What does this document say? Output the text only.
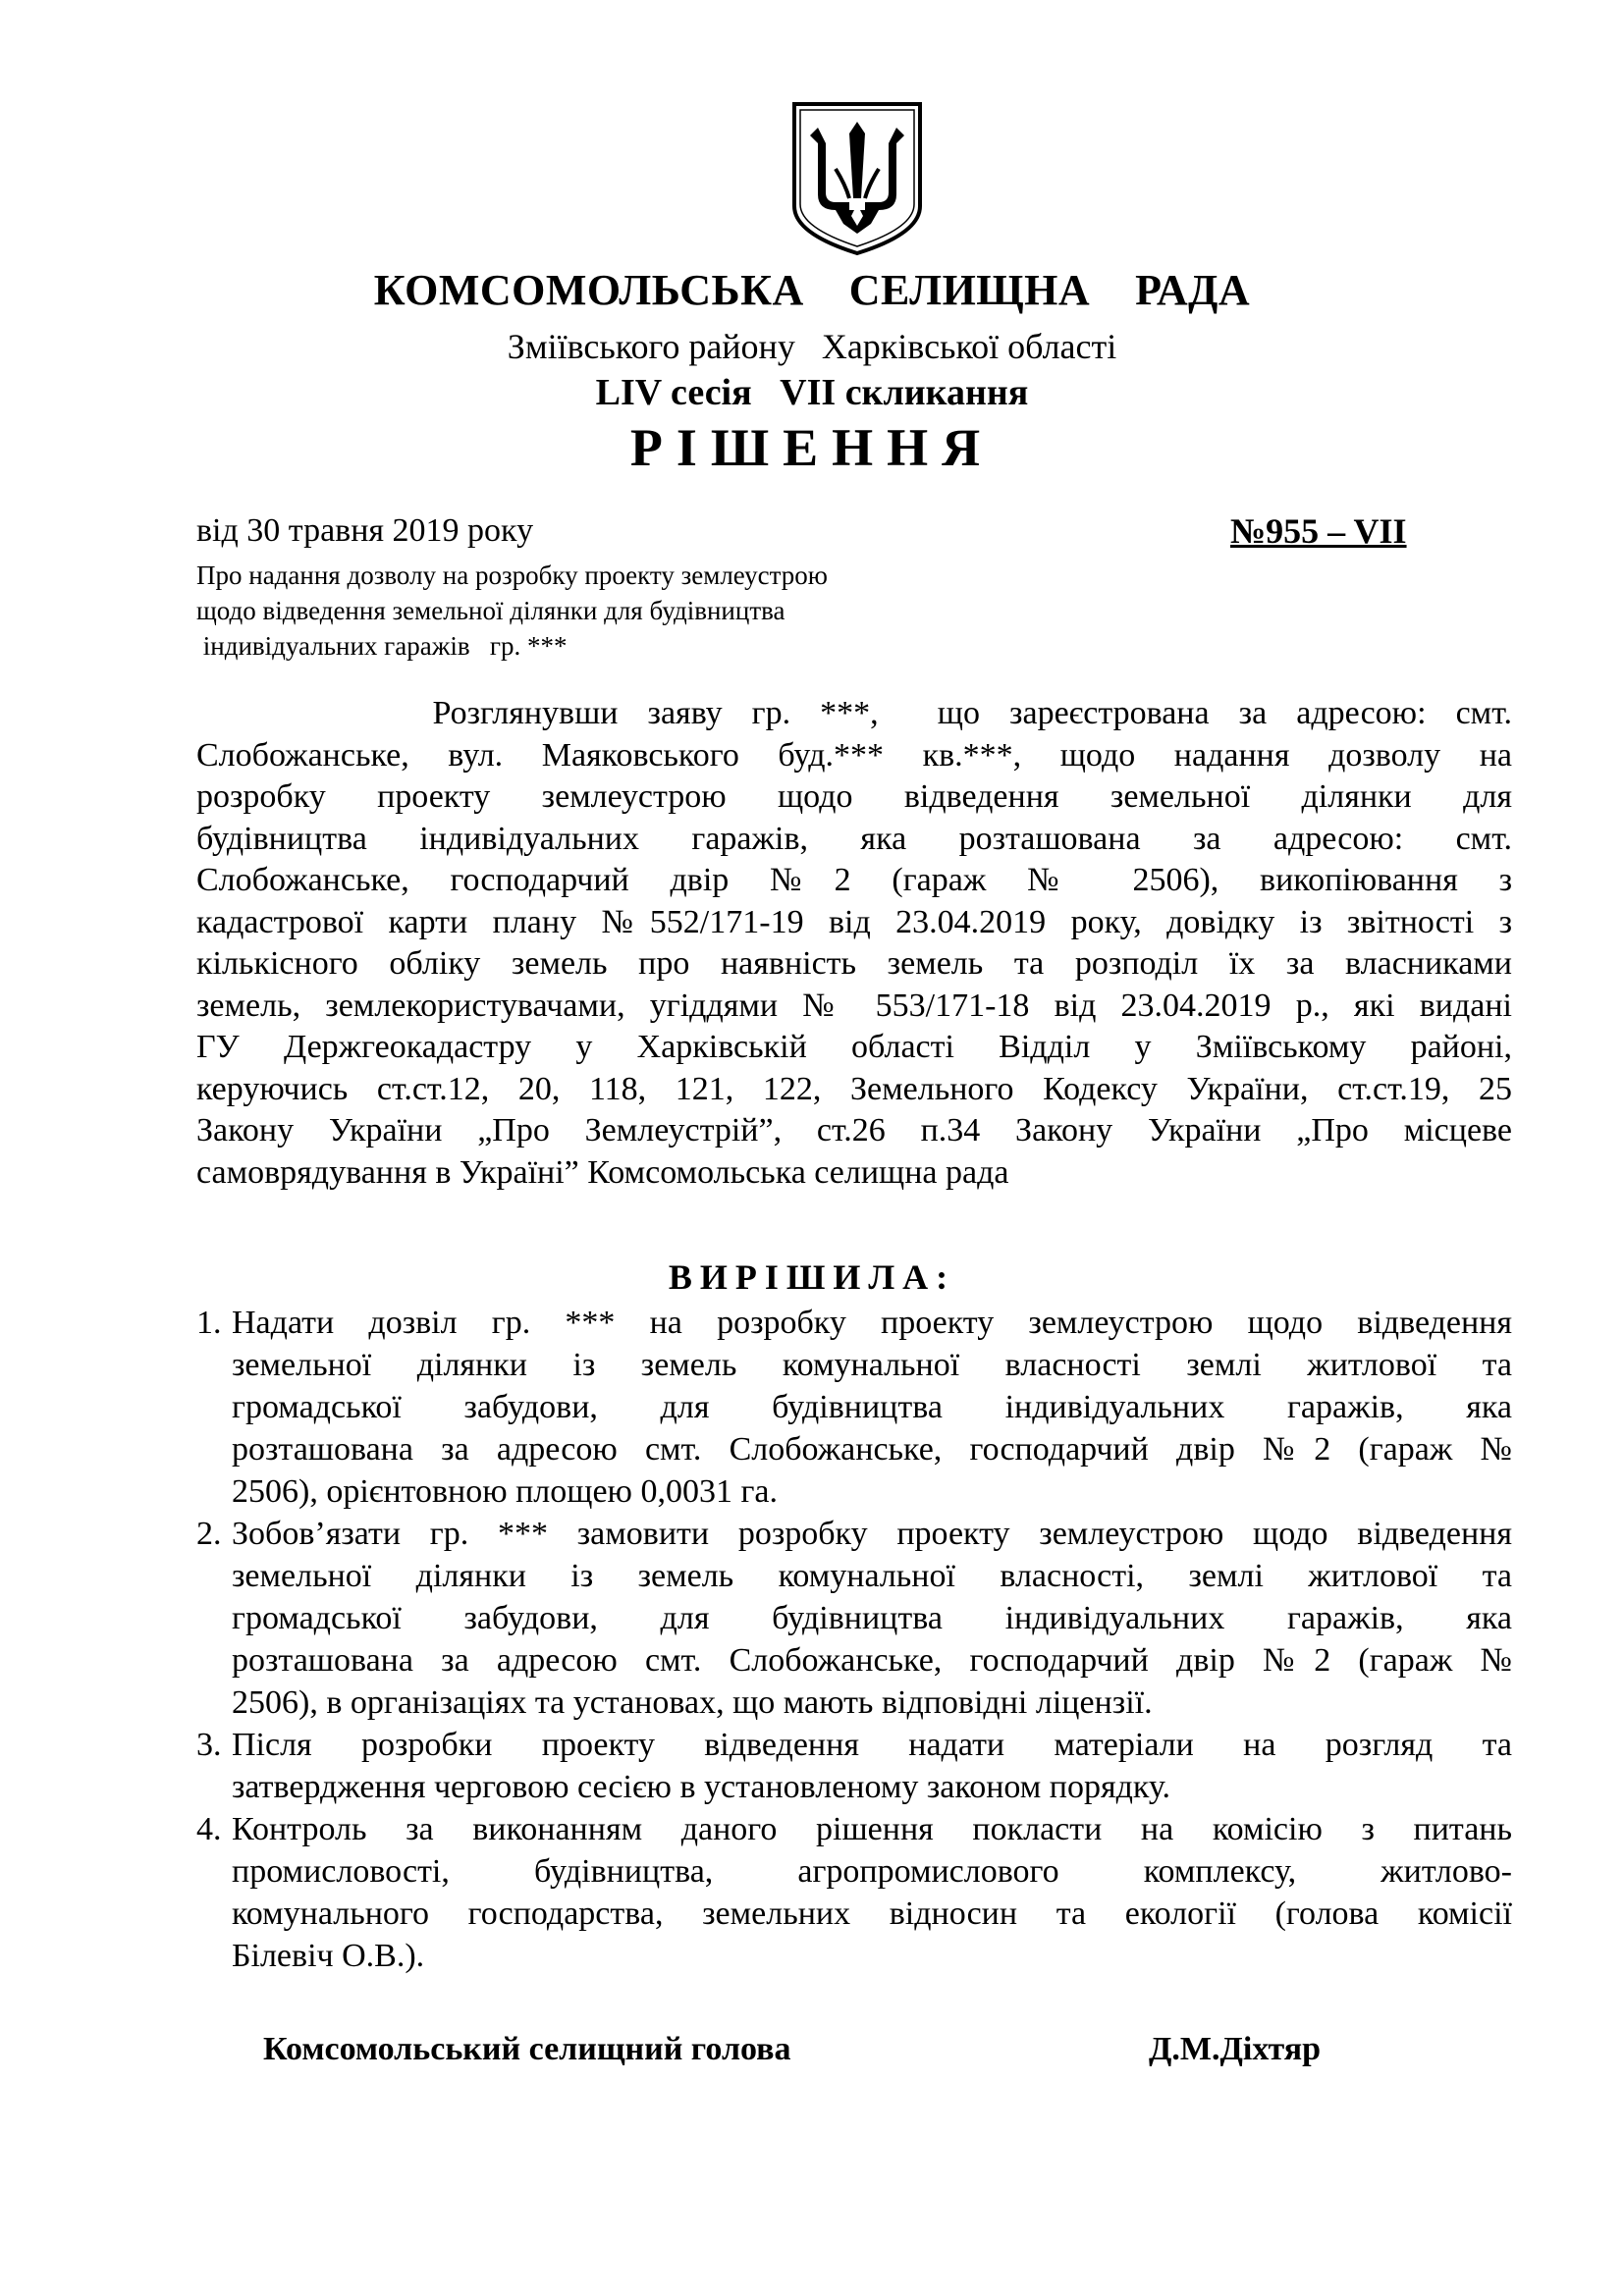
КОМСОМОЛЬСЬКА    СЕЛИЩНА    РАДА
Зміївського району   Харківської області
LIV сесія   VII скликання
РІШЕННЯ
від 30 травня 2019 року	№955 – VII
Про надання дозволу на розробку проекту землеустрою
щодо відведення земельної ділянки для будівництва
індивідуальних гаражів   гр. ***
Розглянувши заяву гр. ***,  що зареєстрована за адресою: смт.
Слобожанське, вул. Маяковського буд.*** кв.***, щодо надання дозволу на
розробку проекту землеустрою щодо відведення земельної ділянки для
будівництва індивідуальних гаражів, яка розташована за адресою: смт.
Слобожанське, господарчий двір №2 (гараж № 2506), викопіювання з
кадастрової карти плану №552/171-19 від 23.04.2019 року, довідку із звітності з
кількісного обліку земель про наявність земель та розподіл їх за власниками
земель, землекористувачами, угіддями № 553/171-18 від 23.04.2019 р., які видані
ГУ Держгеокадастру у Харківській області Відділ у Зміївському районі,
керуючись ст.ст.12, 20, 118, 121, 122, Земельного Кодексу України, ст.ст.19, 25
Закону України „Про Землеустрій”, ст.26 п.34 Закону України „Про місцеве
самоврядування в Україні” Комсомольська селищна рада
ВИРІШИЛА:
1. Надати дозвіл гр. *** на розробку проекту землеустрою щодо відведення
земельної ділянки із земель комунальної власності землі житлової та
громадської забудови, для будівництва індивідуальних гаражів, яка
розташована за адресою смт. Слобожанське, господарчий двір №2 (гараж №
2506), орієнтовною площею 0,0031 га.
2. Зобов’язати гр. *** замовити розробку проекту землеустрою щодо відведення
земельної ділянки із земель комунальної власності, землі житлової та
громадської забудови, для будівництва індивідуальних гаражів, яка
розташована за адресою смт. Слобожанське, господарчий двір №2 (гараж №
2506), в організаціях та установах, що мають відповідні ліцензії.
3. Після розробки проекту відведення надати матеріали на розгляд та
затвердження черговою сесією в установленому законом порядку.
4. Контроль за виконанням даного рішення покласти на комісію з питань
промисловості, будівництва, агропромислового комплексу, житлово-
комунального господарства, земельних відносин та екології (голова комісії
Білевіч О.В.).
Комсомольський селищний голова	Д.М.Діхтяр
